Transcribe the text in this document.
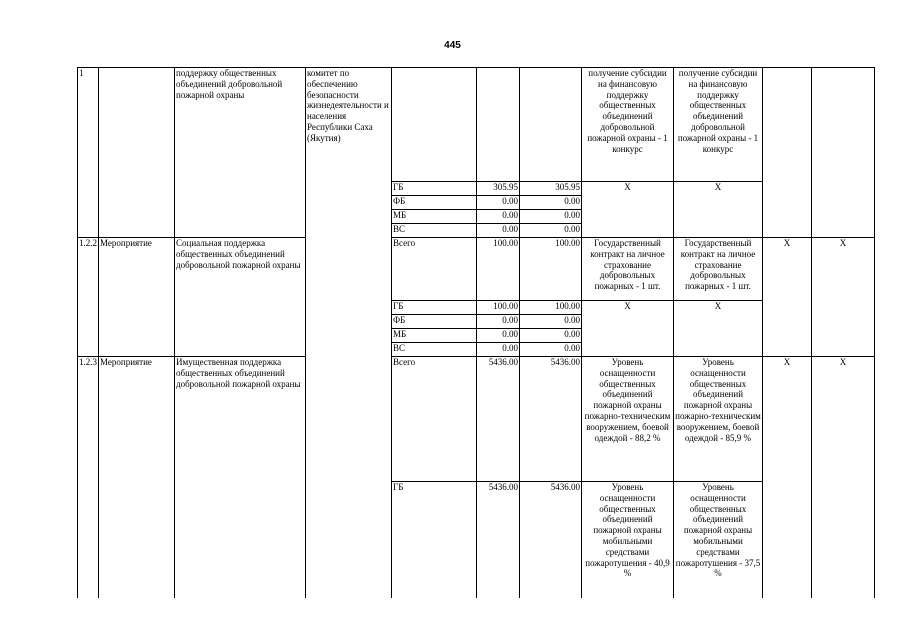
445
1		поддержку общественных объединений добровольной пожарной охраны	комитет по обеспечению безопасности жизнедеятельности и населения Республики Саха (Якутия)				получение субсидии на финансовую поддержку общественных объединений добровольной пожарной охраны - 1 конкурс	получение субсидии на финансовую поддержку общественных объединений добровольной пожарной охраны - 1 конкурс		
				ГБ	305.95	305.95	Х	Х		
				ФБ	0.00	0.00				
				МБ	0.00	0.00				
				ВС	0.00	0.00				
1.2.2	Мероприятие	Социальная поддержка общественных объединений добровольной пожарной охраны		Всего	100.00	100.00	Государственный контракт на личное страхование добровольных пожарных - 1 шт.	Государственный контракт на личное страхование добровольных пожарных - 1 шт.	Х	Х
				ГБ	100.00	100.00	Х	Х		
				ФБ	0.00	0.00				
				МБ	0.00	0.00				
				ВС	0.00	0.00				
1.2.3	Мероприятие	Имущественная поддержка общественных объединений добровольной пожарной охраны		Всего	5436.00	5436.00	Уровень оснащенности общественных объединений пожарной охраны пожарно-техническим вооружением, боевой одеждой - 88,2 %	Уровень оснащенности общественных объединений пожарной охраны пожарно-техническим вооружением, боевой одеждой - 85,9 %	Х	Х
				ГБ	5436.00	5436.00	Уровень оснащенности общественных объединений пожарной охраны мобильными средствами пожаротушения - 40,9 %	Уровень оснащенности общественных объединений пожарной охраны мобильными средствами пожаротушения - 37,5 %		
